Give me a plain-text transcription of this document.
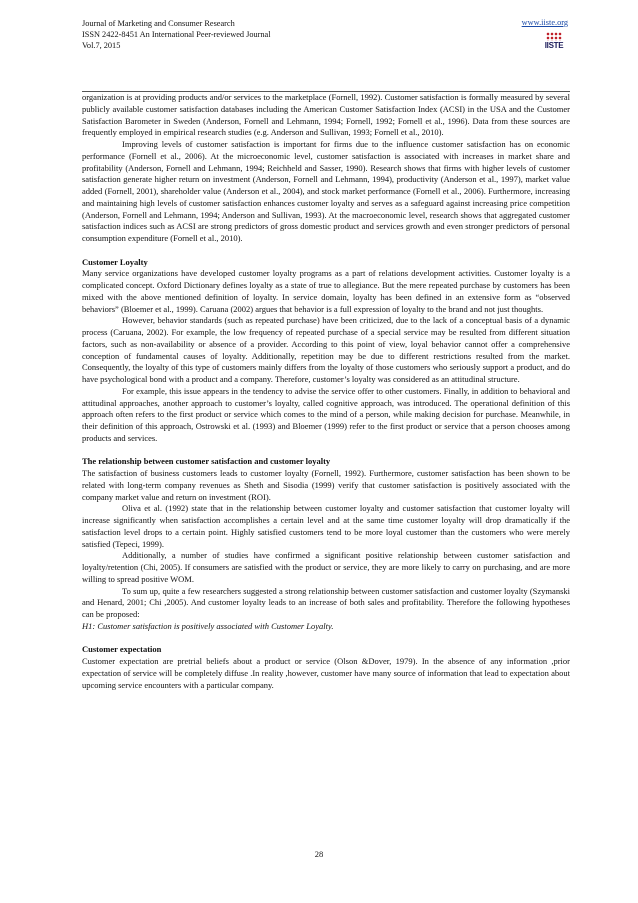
Journal of Marketing and Consumer Research
ISSN 2422-8451 An International Peer-reviewed Journal
Vol.7, 2015
www.iiste.org
IISTE

organization is at providing products and/or services to the marketplace (Fornell, 1992). Customer satisfaction is formally measured by several publicly available customer satisfaction databases including the American Customer Satisfaction Index (ACSI) in the USA and the Customer Satisfaction Barometer in Sweden (Anderson, Fornell and Lehmann, 1994; Fornell, 1992; Fornell et al., 1996). Data from these sources are frequently employed in empirical research studies (e.g. Anderson and Sullivan, 1993; Fornell et al., 2010).

Improving levels of customer satisfaction is important for firms due to the influence customer satisfaction has on economic performance (Fornell et al., 2006). At the microeconomic level, customer satisfaction is associated with increases in market share and profitability (Anderson, Fornell and Lehmann, 1994; Reichheld and Sasser, 1990). Research shows that firms with higher levels of customer satisfaction generate higher return on investment (Anderson, Fornell and Lehmann, 1994), productivity (Anderson et al., 1997), market value added (Fornell, 2001), shareholder value (Anderson et al., 2004), and stock market performance (Fornell et al., 2006). Furthermore, increasing and maintaining high levels of customer satisfaction enhances customer loyalty and serves as a safeguard against increasing price competition (Anderson, Fornell and Lehmann, 1994; Anderson and Sullivan, 1993). At the macroeconomic level, research shows that aggregated customer satisfaction indices such as ACSI are strong predictors of gross domestic product and services growth and even stronger predictors of personal consumption expenditure (Fornell et al., 2010).

Customer Loyalty

Many service organizations have developed customer loyalty programs as a part of relations development activities. Customer loyalty is a complicated concept. Oxford Dictionary defines loyalty as a state of true to allegiance. But the mere repeated purchase by customers has been mixed with the above mentioned definition of loyalty. In service domain, loyalty has been defined in an extensive form as “observed behaviors” (Bloemer et al., 1999). Caruana (2002) argues that behavior is a full expression of loyalty to the brand and not just thoughts.

However, behavior standards (such as repeated purchase) have been criticized, due to the lack of a conceptual basis of a dynamic process (Caruana, 2002). For example, the low frequency of repeated purchase of a special service may be resulted from different situation factors, such as non-availability or absence of a provider. According to this point of view, loyal behavior cannot offer a comprehensive conception of fundamental causes of loyalty. Additionally, repetition may be due to different restrictions resulted from the market. Consequently, the loyalty of this type of customers mainly differs from the loyalty of those customers who seriously support a product, and do have psychological bond with a product and a company. Therefore, customer’s loyalty was considered as an attitudinal structure.

For example, this issue appears in the tendency to advise the service offer to other customers. Finally, in addition to behavioral and attitudinal approaches, another approach to customer’s loyalty, called cognitive approach, was introduced. The operational definition of this approach often refers to the first product or service which comes to the mind of a person, while making decision for purchase. Meanwhile, in their definition of this approach, Ostrowski et al. (1993) and Bloemer (1999) refer to the first product or service that a person chooses among products and services.

The relationship between customer satisfaction and customer loyalty

The satisfaction of business customers leads to customer loyalty (Fornell, 1992). Furthermore, customer satisfaction has been shown to be related with long-term company revenues as Sheth and Sisodia (1999) verify that customer satisfaction is positively associated with the company market value and return on investment (ROI).

Oliva et al. (1992) state that in the relationship between customer loyalty and customer satisfaction that customer loyalty will increase significantly when satisfaction accomplishes a certain level and at the same time customer loyalty will drop dramatically if the satisfaction level drops to a certain point. Highly satisfied customers tend to be more loyal customer than the customers who were merely satisfied (Tepeci, 1999).

Additionally, a number of studies have confirmed a significant positive relationship between customer satisfaction and loyalty/retention (Chi, 2005). If consumers are satisfied with the product or service, they are more likely to carry on purchasing, and are more willing to spread positive WOM.

To sum up, quite a few researchers suggested a strong relationship between customer satisfaction and customer loyalty (Szymanski and Henard, 2001; Chi ,2005). And customer loyalty leads to an increase of both sales and profitability. Therefore the following hypotheses can be proposed:

H1: Customer satisfaction is positively associated with Customer Loyalty.

Customer expectation

Customer expectation are pretrial beliefs about a product or service (Olson &Dover, 1979). In the absence of any information ,prior expectation of service will be completely diffuse .In reality ,however, customer have many source of information that lead to expectation about upcoming service encounters with a particular company.

28
